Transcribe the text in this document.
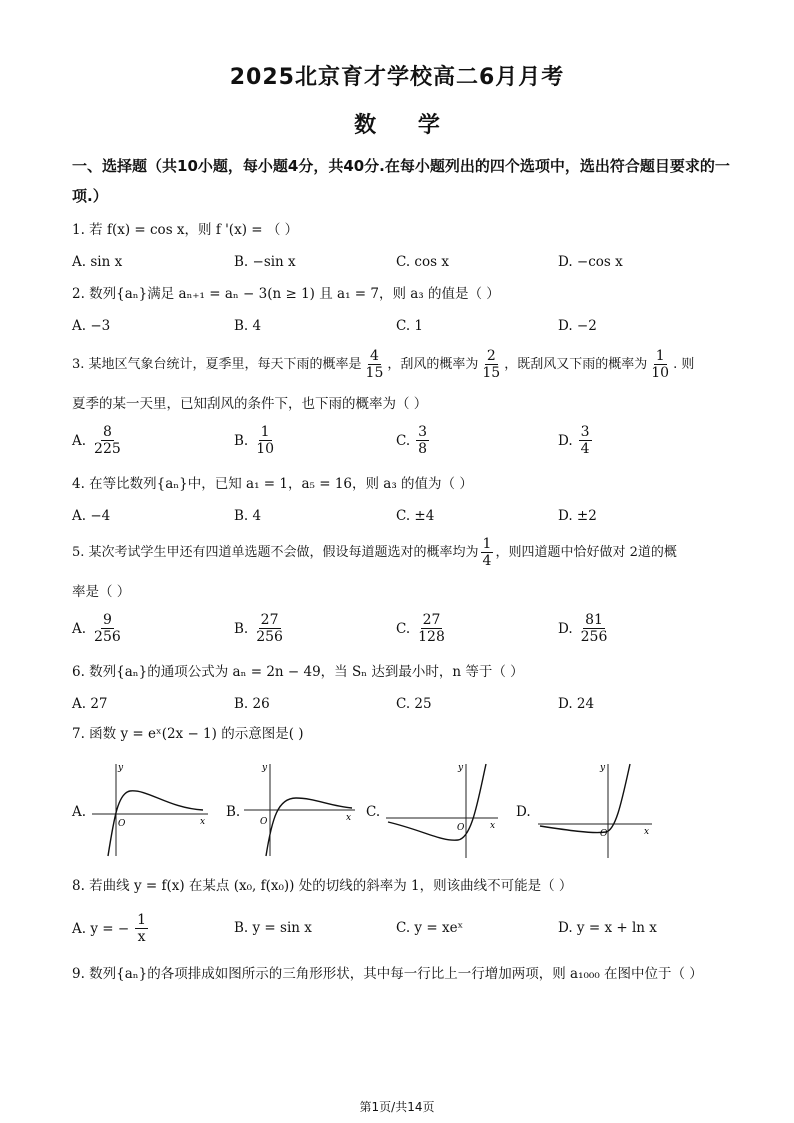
2025北京育才学校高二6月月考
数 学
一、选择题（共10小题，每小题4分，共40分.在每小题列出的四个选项中，选出符合题目要求的一项.）
1. 若 f(x) = cos x，则 f '(x) = （ ）
A. sin x	B. −sin x	C. cos x	D. −cos x
2. 数列{aₙ}满足 aₙ₊₁ = aₙ − 3(n ≥ 1) 且 a₁ = 7，则 a₃ 的值是（ ）
A. −3	B. 4	C. 1	D. −2
3. 某地区气象台统计，夏季里，每天下雨的概率是 $\frac{4}{15}$ ，刮风的概率为 $\frac{2}{15}$ ，既刮风又下雨的概率为 $\frac{1}{10}$ . 则
夏季的某一天里，已知刮风的条件下，也下雨的概率为（ ）
A. $\frac{8}{225}$	B. $\frac{1}{10}$	C. $\frac{3}{8}$	D. $\frac{3}{4}$
4. 在等比数列{aₙ}中，已知 a₁ = 1，a₅ = 16，则 a₃ 的值为（ ）
A. −4	B. 4	C. ±4	D. ±2
5. 某次考试学生甲还有四道单选题不会做，假设每道题选对的概率均为 $\frac{1}{4}$ ，则四道题中恰好做对 2道的概
率是（ ）
A. $\frac{9}{256}$	B. $\frac{27}{256}$	C. $\frac{27}{128}$	D. $\frac{81}{256}$
6. 数列{aₙ}的通项公式为 aₙ = 2n − 49，当 Sₙ 达到最小时，n 等于（ ）
A. 27	B. 26	C. 25	D. 24
7. 函数 y = eˣ(2x − 1) 的示意图是( )
A.
y
x
O
B.
y
x
O
C.
y
x
O
D.
y
x
O
8. 若曲线 y = f(x) 在某点 (x₀, f(x₀)) 处的切线的斜率为 1，则该曲线不可能是（ ）
A. y = − $\frac{1}{x}$	B. y = sin x	C. y = xeˣ	D. y = x + ln x
9. 数列{aₙ}的各项排成如图所示的三角形形状，其中每一行比上一行增加两项，则 a₁₀₀₀ 在图中位于（ ）
第1页/共14页
